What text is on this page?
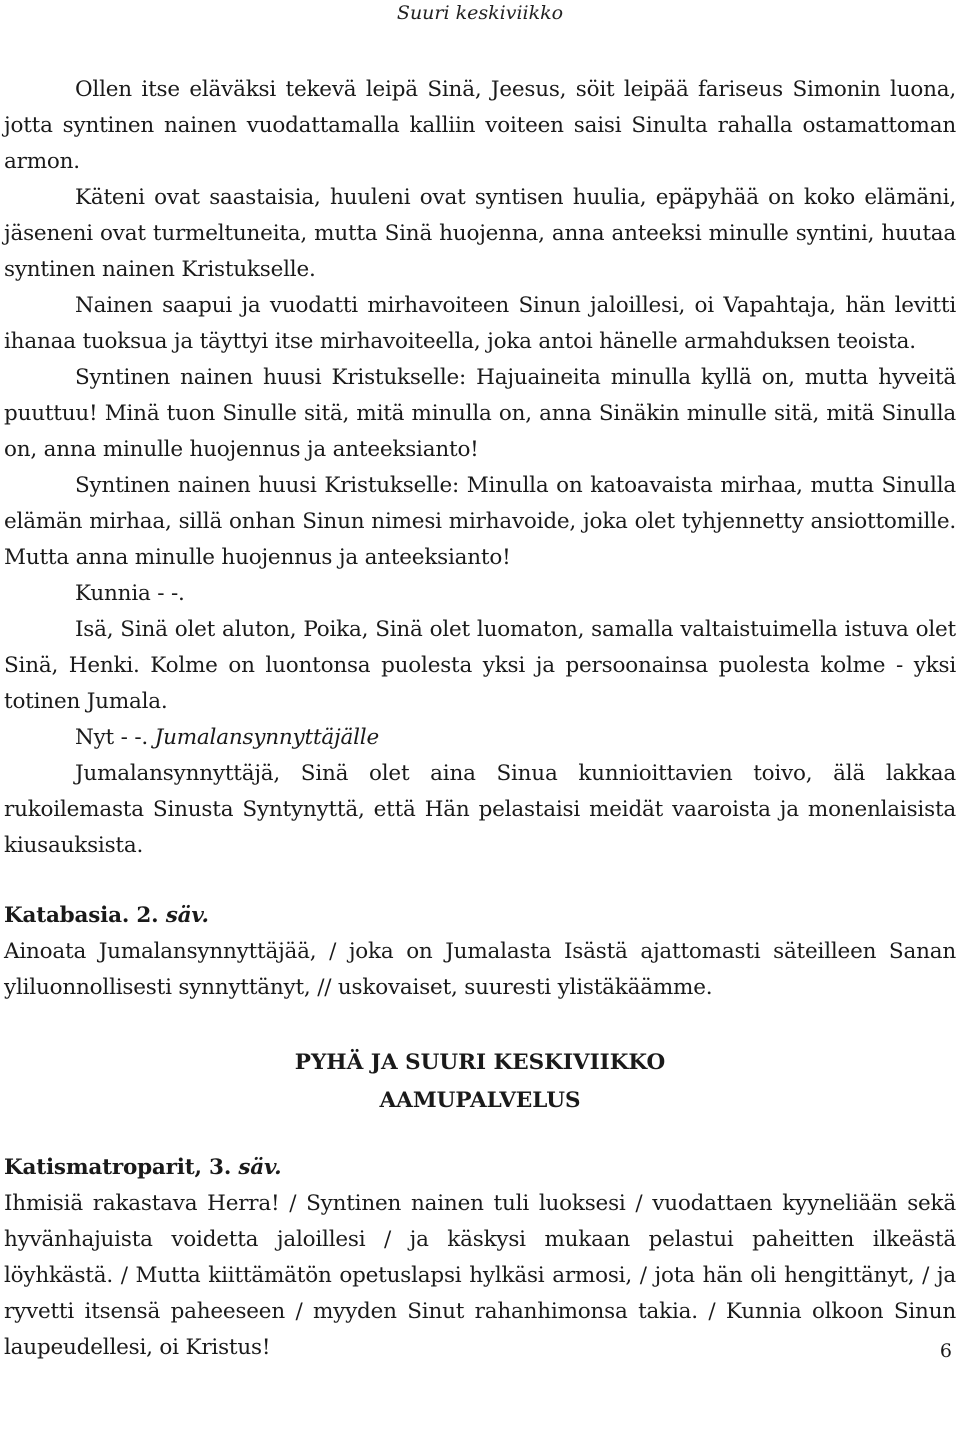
Suuri keskiviikko

Ollen itse eläväksi tekevä leipä Sinä, Jeesus, söit leipää fariseus Simonin luona, jotta syntinen nainen vuodattamalla kalliin voiteen saisi Sinulta rahalla ostamattoman armon.

Käteni ovat saastaisia, huuleni ovat syntisen huulia, epäpyhää on koko elämäni, jäseneni ovat turmeltuneita, mutta Sinä huojenna, anna anteeksi minulle syntini, huutaa syntinen nainen Kristukselle.

Nainen saapui ja vuodatti mirhavoiteen Sinun jaloillesi, oi Vapahtaja, hän levitti ihanaa tuoksua ja täyttyi itse mirhavoiteella, joka antoi hänelle armahduksen teoista.

Syntinen nainen huusi Kristukselle: Hajuaineita minulla kyllä on, mutta hyveitä puuttuu! Minä tuon Sinulle sitä, mitä minulla on, anna Sinäkin minulle sitä, mitä Sinulla on, anna minulle huojennus ja anteeksianto!

Syntinen nainen huusi Kristukselle: Minulla on katoavaista mirhaa, mutta Sinulla elämän mirhaa, sillä onhan Sinun nimesi mirhavoide, joka olet tyhjennetty ansiottomille. Mutta anna minulle huojennus ja anteeksianto!

Kunnia - -.

Isä, Sinä olet aluton, Poika, Sinä olet luomaton, samalla valtaistuimella istuva olet Sinä, Henki. Kolme on luontonsa puolesta yksi ja persoonainsa puolesta kolme - yksi totinen Jumala.

Nyt - -. Jumalansynnyttäjälle

Jumalansynnyttäjä, Sinä olet aina Sinua kunnioittavien toivo, älä lakkaa rukoilemasta Sinusta Syntynyttä, että Hän pelastaisi meidät vaaroista ja monenlaisista kiusauksista.

Katabasia. 2. säv.

Ainoata Jumalansynnyttäjää, / joka on Jumalasta Isästä ajattomasti säteilleen Sanan yliluonnollisesti synnyttänyt, // uskovaiset, suuresti ylistäkäämme.

PYHÄ JA SUURI KESKIVIIKKO

AAMUPALVELUS

Katismatroparit, 3. säv.

Ihmisiä rakastava Herra! / Syntinen nainen tuli luoksesi / vuodattaen kyyneliään sekä hyvänhajuista voidetta jaloillesi / ja käskysi mukaan pelastui paheitten ilkeästä löyhkästä. / Mutta kiittämätön opetuslapsi hylkäsi armosi, / jota hän oli hengittänyt, / ja ryvetti itsensä paheeseen / myyden Sinut rahanhimonsa takia. / Kunnia olkoon Sinun laupeudellesi, oi Kristus!	6
